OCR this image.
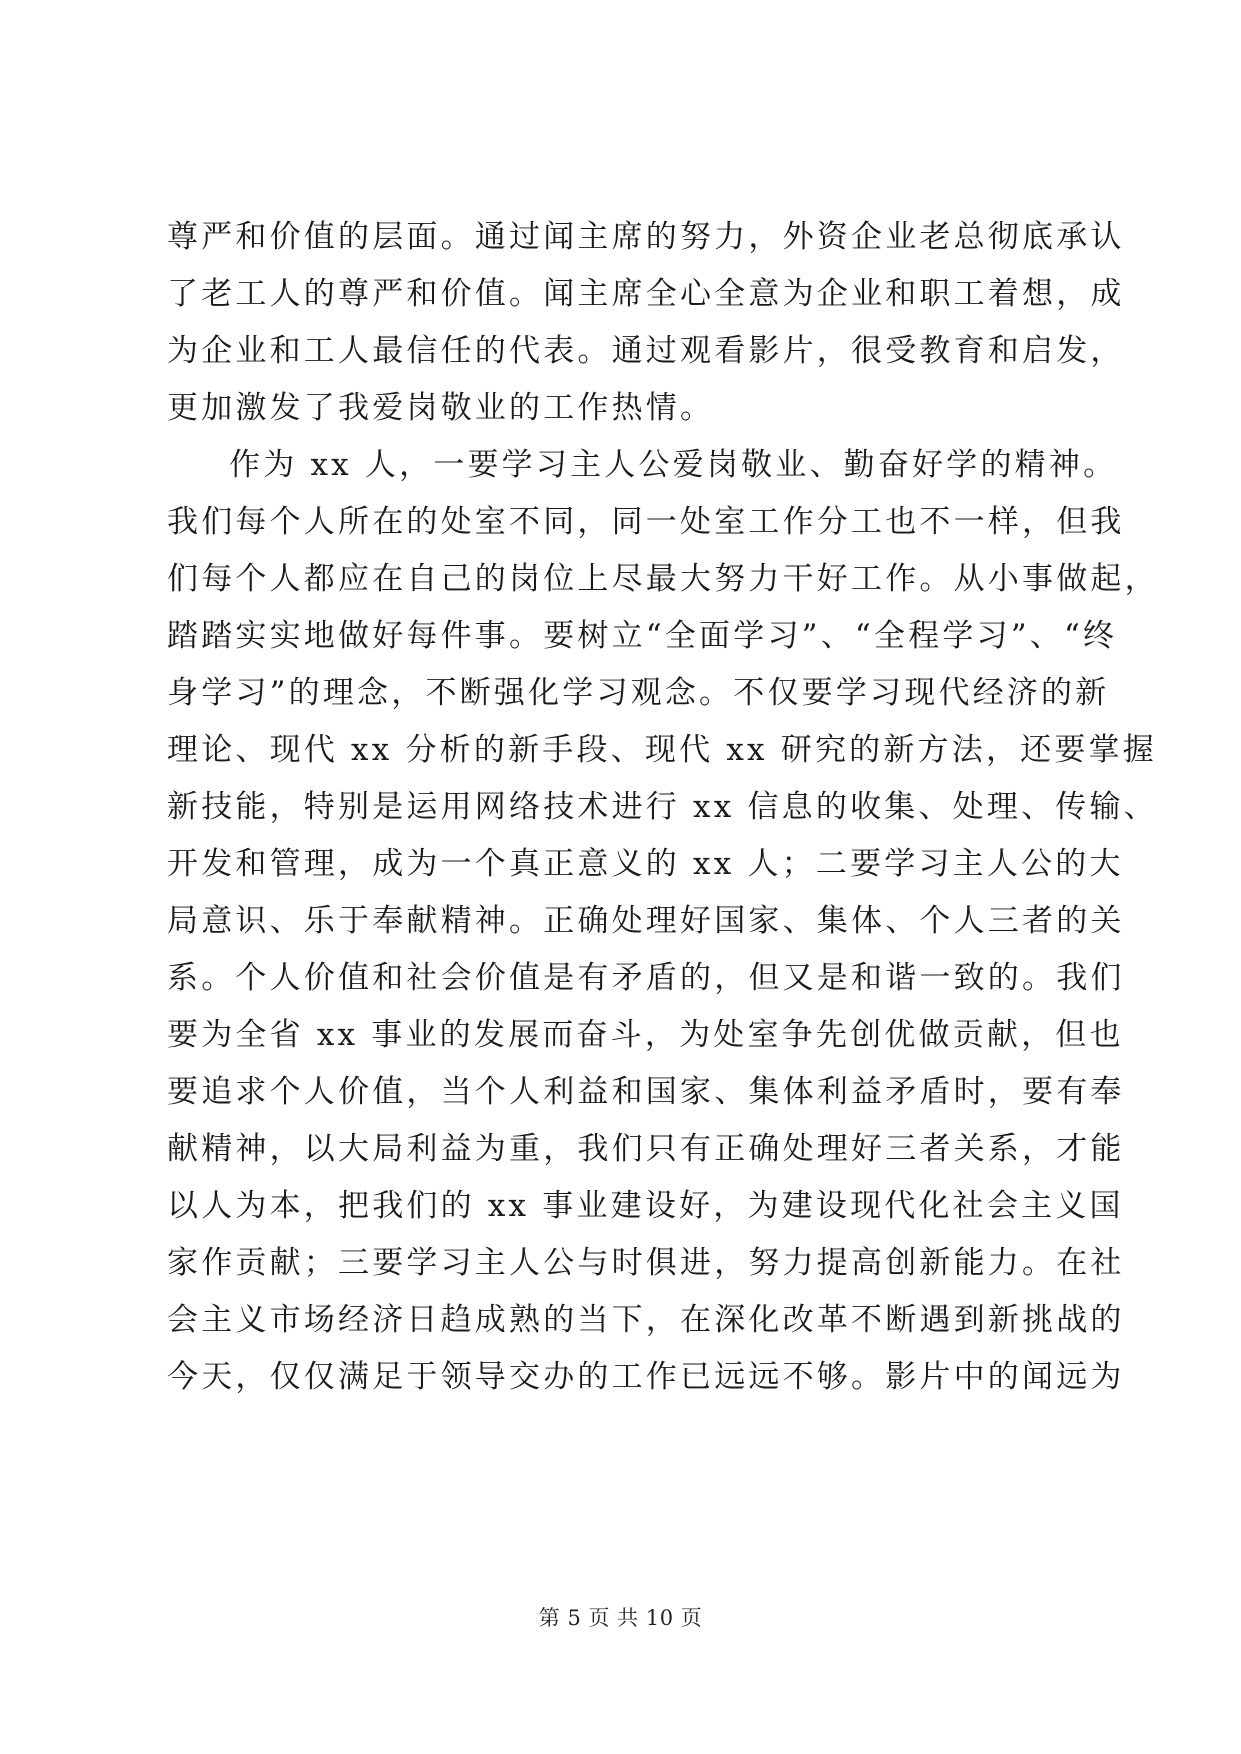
尊严和价值的层面。通过闻主席的努力，外资企业老总彻底承认
了老工人的尊严和价值。闻主席全心全意为企业和职工着想，成
为企业和工人最信任的代表。通过观看影片，很受教育和启发，
更加激发了我爱岗敬业的工作热情。
作为 xx 人，一要学习主人公爱岗敬业、勤奋好学的精神。
我们每个人所在的处室不同，同一处室工作分工也不一样，但我
们每个人都应在自己的岗位上尽最大努力干好工作。从小事做起，
踏踏实实地做好每件事。要树立“全面学习”、“全程学习”、“终
身学习”的理念，不断强化学习观念。不仅要学习现代经济的新
理论、现代 xx 分析的新手段、现代 xx 研究的新方法，还要掌握
新技能，特别是运用网络技术进行 xx 信息的收集、处理、传输、
开发和管理，成为一个真正意义的 xx 人；二要学习主人公的大
局意识、乐于奉献精神。正确处理好国家、集体、个人三者的关
系。个人价值和社会价值是有矛盾的，但又是和谐一致的。我们
要为全省 xx 事业的发展而奋斗，为处室争先创优做贡献，但也
要追求个人价值，当个人利益和国家、集体利益矛盾时，要有奉
献精神，以大局利益为重，我们只有正确处理好三者关系，才能
以人为本，把我们的 xx 事业建设好，为建设现代化社会主义国
家作贡献；三要学习主人公与时俱进，努力提高创新能力。在社
会主义市场经济日趋成熟的当下，在深化改革不断遇到新挑战的
今天，仅仅满足于领导交办的工作已远远不够。影片中的闻远为
第 5 页 共 10 页
